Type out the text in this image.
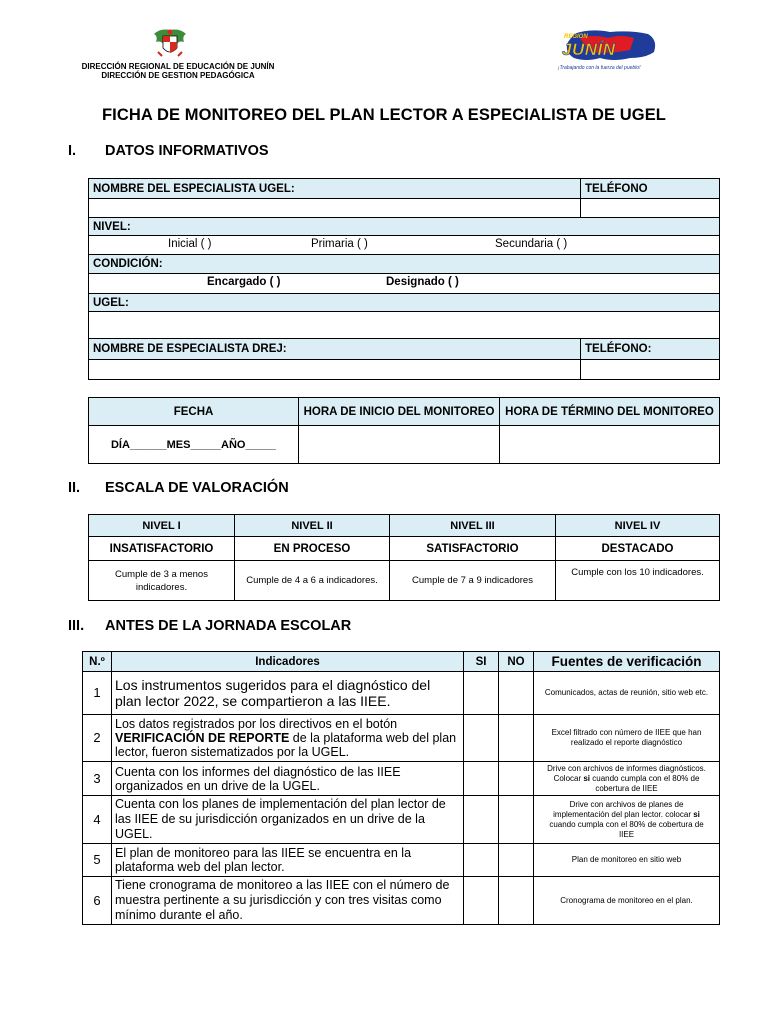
DIRECCIÓN REGIONAL DE EDUCACIÓN DE JUNÍN
DIRECCIÓN DE GESTION PEDAGÓGICA
REGION
JUNÍN
¡Trabajando con la fuerza del pueblo!
FICHA DE MONITOREO DEL PLAN LECTOR A ESPECIALISTA DE UGEL
I. DATOS INFORMATIVOS
NOMBRE DEL ESPECIALISTA UGEL:	TELÉFONO

NIVEL:	

Inicial ( ) Primaria ( ) Secundaria ( )	

CONDICIÓN:	

Encargado ( ) Designado ( )	

UGEL:	

NOMBRE DE ESPECIALISTA DREJ:	TELÉFONO:

FECHA	HORA DE INICIO DEL MONITOREO	HORA DE TÉRMINO DEL MONITOREO
DÍA______MES_____AÑO_____		
II. ESCALA DE VALORACIÓN
NIVEL I	NIVEL II	NIVEL III	NIVEL IV
INSATISFACTORIO	EN PROCESO	SATISFACTORIO	DESTACADO
Cumple de 3 a menos indicadores.	Cumple de 4 a 6 a indicadores.	Cumple de 7 a 9 indicadores	Cumple con los 10 indicadores.
III. ANTES DE LA JORNADA ESCOLAR
N.º	Indicadores	SI	NO	Fuentes de verificación
1	Los instrumentos sugeridos para el diagnóstico del plan lector 2022, se compartieron a las IIEE.			Comunicados, actas de reunión, sitio web etc.
2	Los datos registrados por los directivos en el botón VERIFICACIÓN DE REPORTE de la plataforma web del plan lector, fueron sistematizados por la UGEL.			Excel filtrado con número de IIEE que han realizado el reporte diagnóstico
3	Cuenta con los informes del diagnóstico de las IIEE organizados en un drive de la UGEL.			Drive con archivos de informes diagnósticos. Colocar si cuando cumpla con el 80% de cobertura de IIEE
4	Cuenta con los planes de implementación del plan lector de las IIEE de su jurisdicción organizados en un drive de la UGEL.			Drive con archivos de planes de implementación del plan lector. colocar si cuando cumpla con el 80% de cobertura de IIEE
5	El plan de monitoreo para las IIEE se encuentra en la plataforma web del plan lector.			Plan de monitoreo en sitio web
6	Tiene cronograma de monitoreo a las IIEE con el número de muestra pertinente a su jurisdicción y con tres visitas como mínimo durante el año.			Cronograma de monitoreo en el plan.
